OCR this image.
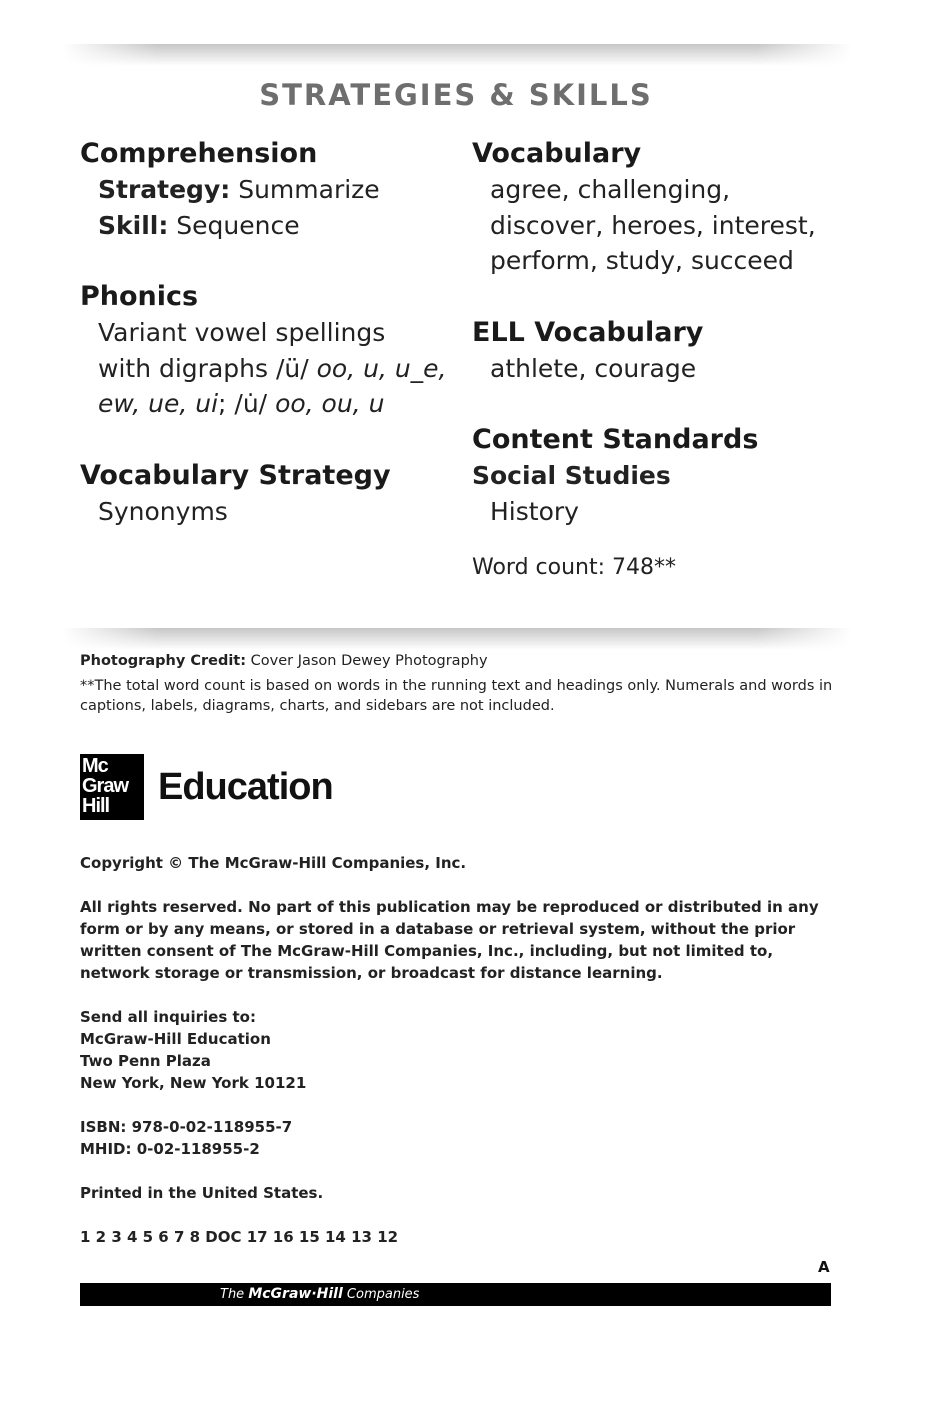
STRATEGIES & SKILLS
Comprehension
Strategy: Summarize
Skill: Sequence
Phonics
Variant vowel spellings
with digraphs /ü/ oo, u, u_e,
ew, ue, ui; /u̇/ oo, ou, u
Vocabulary Strategy
Synonyms
Vocabulary
agree, challenging,
discover, heroes, interest,
perform, study, succeed
ELL Vocabulary
athlete, courage
Content Standards
Social Studies
History
Word count: 748**

Photography Credit: Cover Jason Dewey Photography

**The total word count is based on words in the running text and headings only. Numerals and words in captions, labels, diagrams, charts, and sidebars are not included.

Mc
Graw
Hill	Education

Copyright © The McGraw-Hill Companies, Inc.

All rights reserved. No part of this publication may be reproduced or distributed in any form or by any means, or stored in a database or retrieval system, without the prior written consent of The McGraw-Hill Companies, Inc., including, but not limited to, network storage or transmission, or broadcast for distance learning.

Send all inquiries to:
McGraw-Hill Education
Two Penn Plaza
New York, New York 10121

ISBN: 978-0-02-118955-7
MHID: 0-02-118955-2

Printed in the United States.

1 2 3 4 5 6 7 8 DOC 17 16 15 14 13 12

A
The McGraw·Hill Companies
